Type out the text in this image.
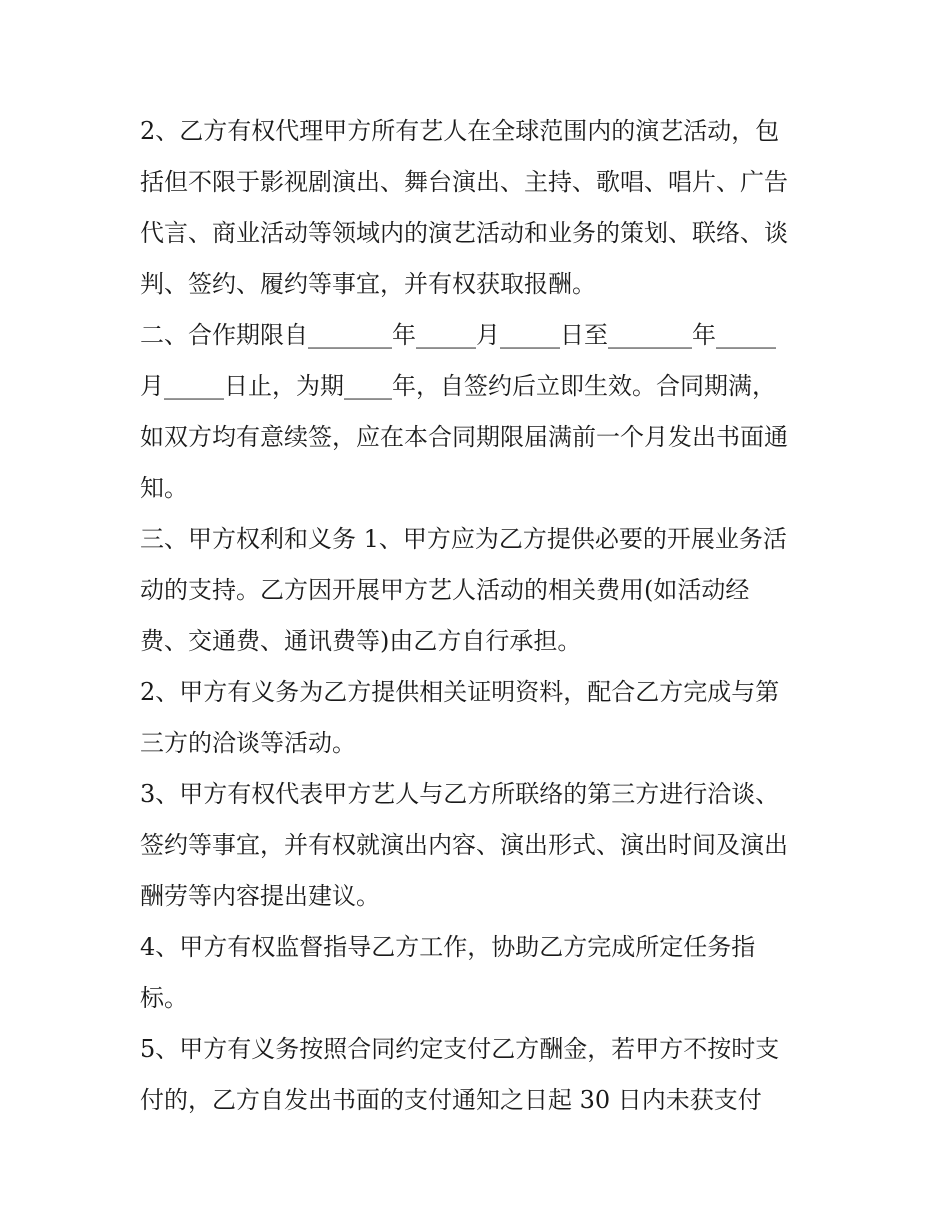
2、乙方有权代理甲方所有艺人在全球范围内的演艺活动，包
括但不限于影视剧演出、舞台演出、主持、歌唱、唱片、广告
代言、商业活动等领域内的演艺活动和业务的策划、联络、谈
判、签约、履约等事宜，并有权获取报酬。
二、合作期限自_______年_____月_____日至_______年_____
月_____日止，为期____年，自签约后立即生效。合同期满，
如双方均有意续签，应在本合同期限届满前一个月发出书面通
知。
三、甲方权利和义务 1、甲方应为乙方提供必要的开展业务活
动的支持。乙方因开展甲方艺人活动的相关费用(如活动经
费、交通费、通讯费等)由乙方自行承担。
2、甲方有义务为乙方提供相关证明资料，配合乙方完成与第
三方的洽谈等活动。
3、甲方有权代表甲方艺人与乙方所联络的第三方进行洽谈、
签约等事宜，并有权就演出内容、演出形式、演出时间及演出
酬劳等内容提出建议。
4、甲方有权监督指导乙方工作，协助乙方完成所定任务指
标。
5、甲方有义务按照合同约定支付乙方酬金，若甲方不按时支
付的，乙方自发出书面的支付通知之日起 30 日内未获支付
